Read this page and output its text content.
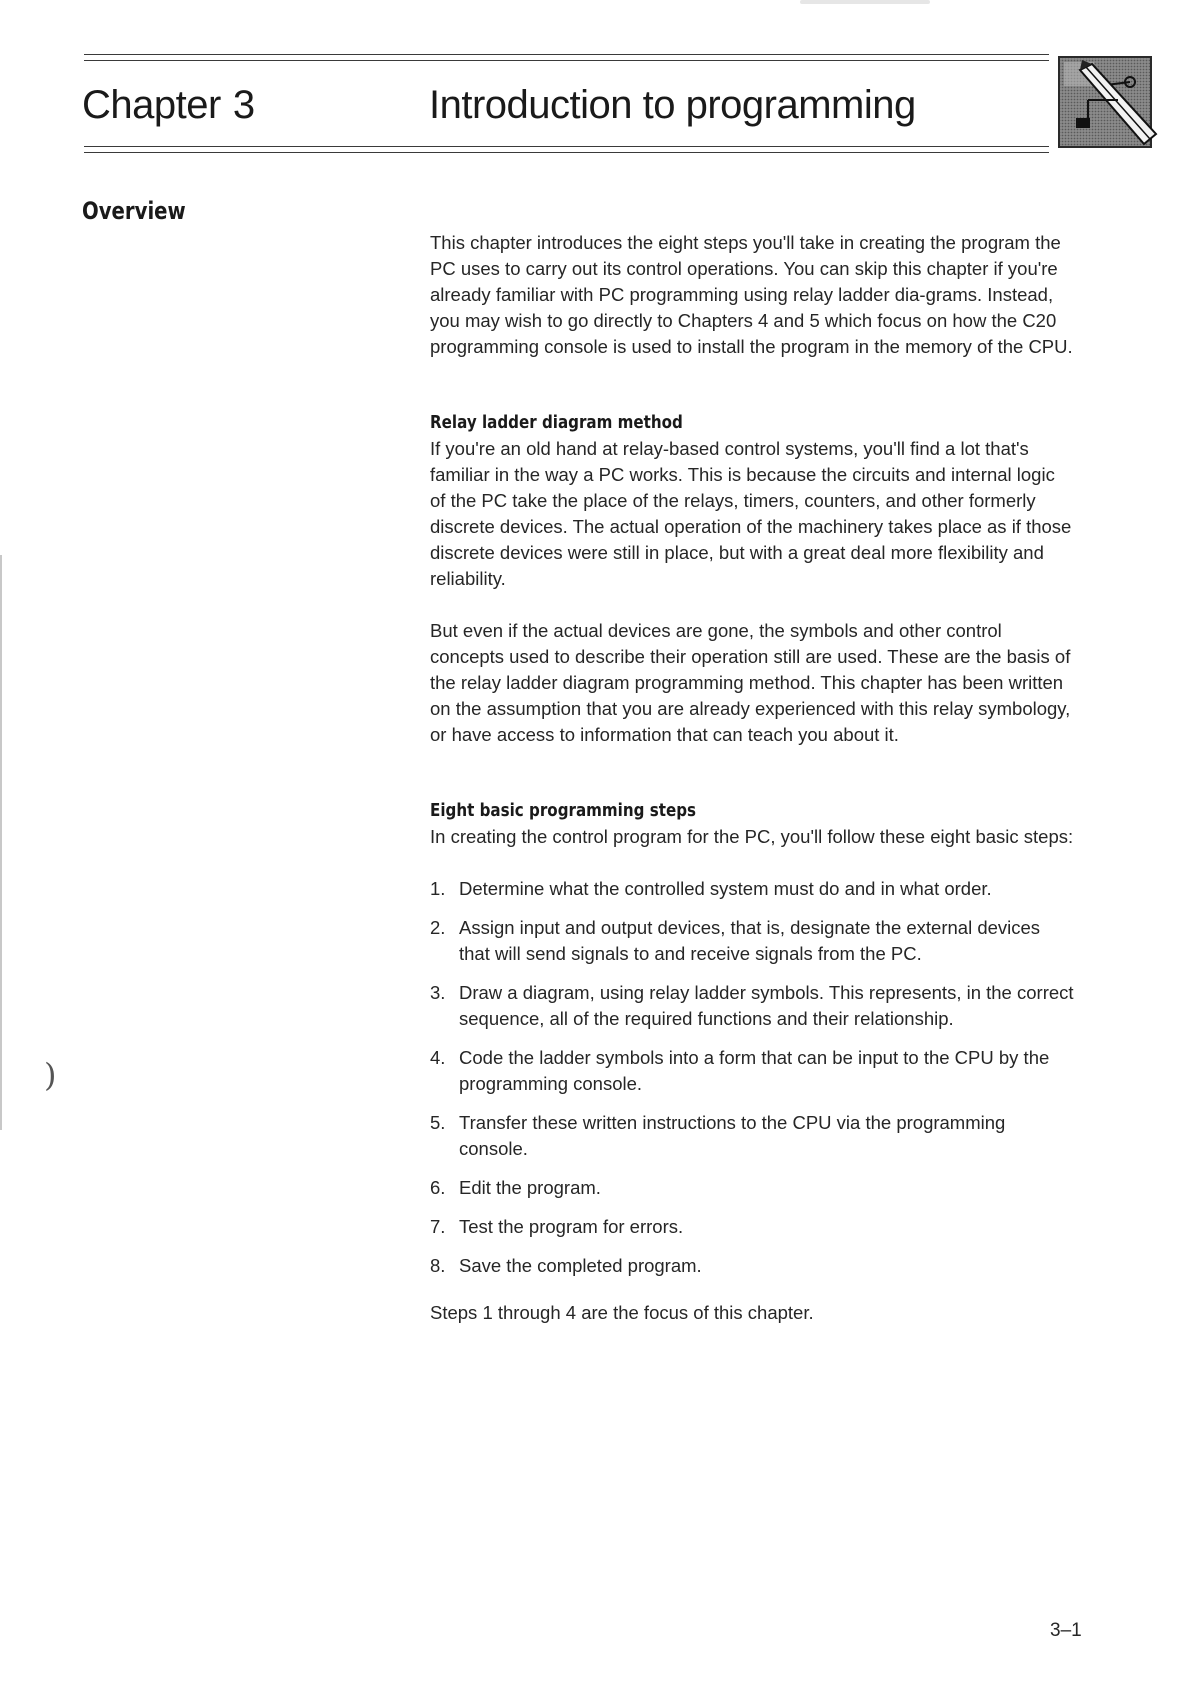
Chapter 3	Introduction to programming
Overview

This chapter introduces the eight steps you'll take in creating the program the PC uses to carry out its control operations. You can skip this chapter if you're already familiar with PC programming using relay ladder dia-grams. Instead, you may wish to go directly to Chapters 4 and 5 which focus on how the C20 programming console is used to install the program in the memory of the CPU.

Relay ladder diagram method

If you're an old hand at relay-based control systems, you'll find a lot that's familiar in the way a PC works. This is because the circuits and internal logic of the PC take the place of the relays, timers, counters, and other formerly discrete devices. The actual operation of the machinery takes place as if those discrete devices were still in place, but with a great deal more flexibility and reliability.

But even if the actual devices are gone, the symbols and other control concepts used to describe their operation still are used. These are the basis of the relay ladder diagram programming method. This chapter has been written on the assumption that you are already experienced with this relay symbology, or have access to information that can teach you about it.

Eight basic programming steps

In creating the control program for the PC, you'll follow these eight basic steps:

1. Determine what the controlled system must do and in what order.
2. Assign input and output devices, that is, designate the external devices that will send signals to and receive signals from the PC.
3. Draw a diagram, using relay ladder symbols. This represents, in the correct sequence, all of the required functions and their relationship.
4. Code the ladder symbols into a form that can be input to the CPU by the programming console.
5. Transfer these written instructions to the CPU via the programming console.
6. Edit the program.
7. Test the program for errors.
8. Save the completed program.

Steps 1 through 4 are the focus of this chapter.

)
3–1
